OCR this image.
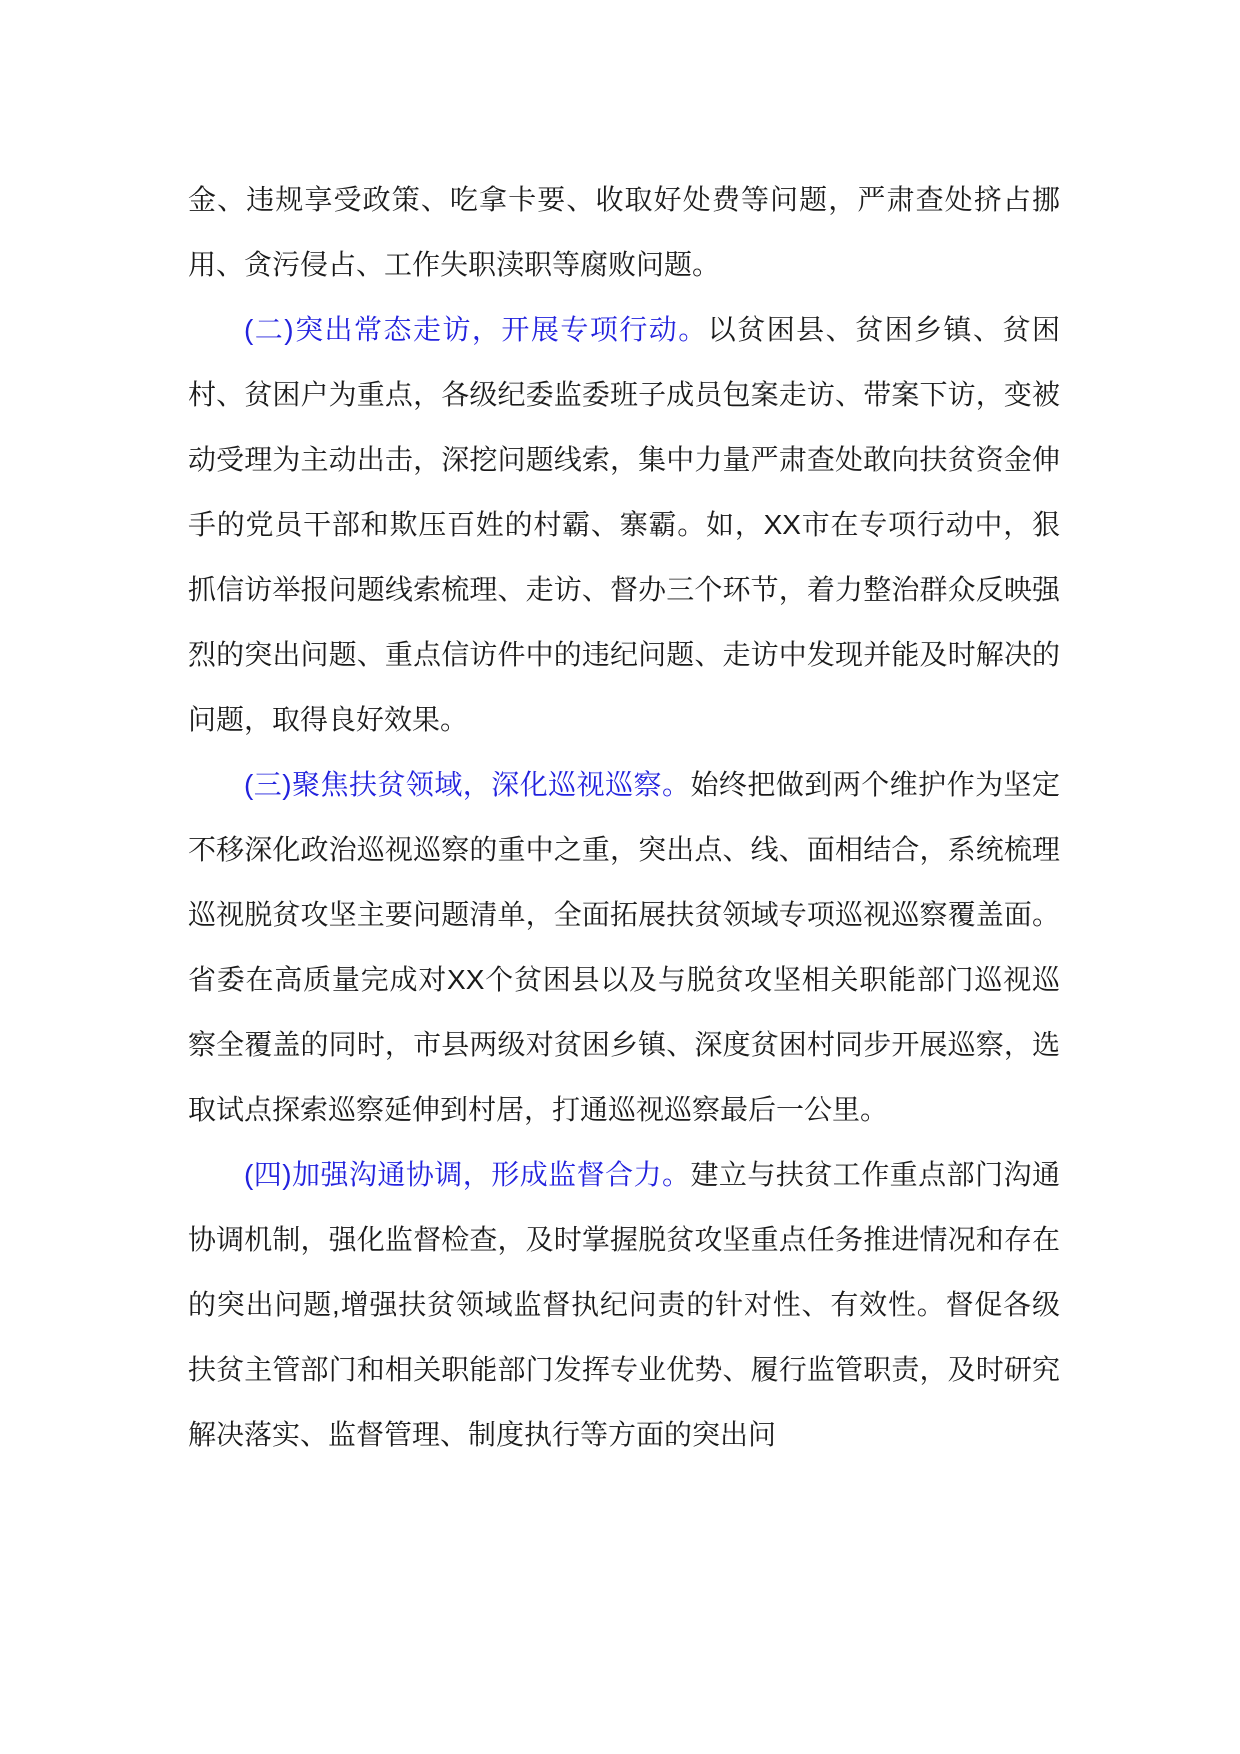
金、违规享受政策、吃拿卡要、收取好处费等问题，严肃查处挤占挪用、贪污侵占、工作失职渎职等腐败问题。

(二)突出常态走访，开展专项行动。以贫困县、贫困乡镇、贫困村、贫困户为重点，各级纪委监委班子成员包案走访、带案下访，变被动受理为主动出击，深挖问题线索，集中力量严肃查处敢向扶贫资金伸手的党员干部和欺压百姓的村霸、寨霸。如，XX市在专项行动中，狠抓信访举报问题线索梳理、走访、督办三个环节，着力整治群众反映强烈的突出问题、重点信访件中的违纪问题、走访中发现并能及时解决的问题，取得良好效果。

(三)聚焦扶贫领域，深化巡视巡察。始终把做到两个维护作为坚定不移深化政治巡视巡察的重中之重，突出点、线、面相结合，系统梳理巡视脱贫攻坚主要问题清单，全面拓展扶贫领域专项巡视巡察覆盖面。省委在高质量完成对XX个贫困县以及与脱贫攻坚相关职能部门巡视巡察全覆盖的同时，市县两级对贫困乡镇、深度贫困村同步开展巡察，选取试点探索巡察延伸到村居，打通巡视巡察最后一公里。

(四)加强沟通协调，形成监督合力。建立与扶贫工作重点部门沟通协调机制，强化监督检查，及时掌握脱贫攻坚重点任务推进情况和存在的突出问题,增强扶贫领域监督执纪问责的针对性、有效性。督促各级扶贫主管部门和相关职能部门发挥专业优势、履行监管职责，及时研究解决落实、监督管理、制度执行等方面的突出问
